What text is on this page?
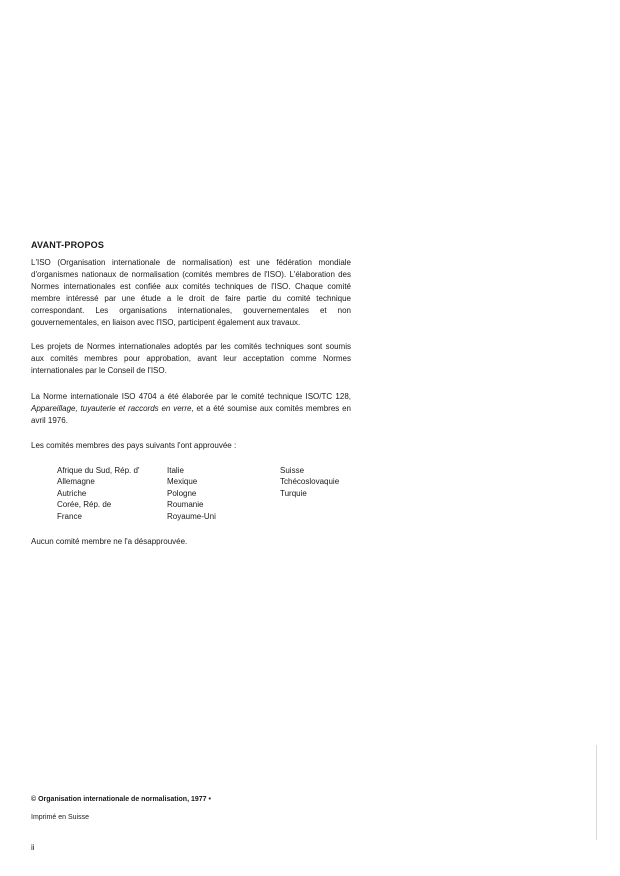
AVANT-PROPOS

L'ISO (Organisation internationale de normalisation) est une fédération mondiale d'organismes nationaux de normalisation (comités membres de l'ISO). L'élaboration des Normes internationales est confiée aux comités techniques de l'ISO. Chaque comité membre intéressé par une étude a le droit de faire partie du comité technique correspondant. Les organisations internationales, gouvernementales et non gouvernementales, en liaison avec l'ISO, participent également aux travaux.

Les projets de Normes internationales adoptés par les comités techniques sont soumis aux comités membres pour approbation, avant leur acceptation comme Normes internationales par le Conseil de l'ISO.

La Norme internationale ISO 4704 a été élaborée par le comité technique ISO/TC 128, Appareillage, tuyauterie et raccords en verre, et a été soumise aux comités membres en avril 1976.

Les comités membres des pays suivants l'ont approuvée :

Afrique du Sud, Rép. d'
Allemagne
Autriche
Corée, Rép. de
France
Italie
Mexique
Pologne
Roumanie
Royaume-Uni
Suisse
Tchécoslovaquie
Turquie

Aucun comité membre ne l'a désapprouvée.

© Organisation internationale de normalisation, 1977 •
Imprimé en Suisse
ii
